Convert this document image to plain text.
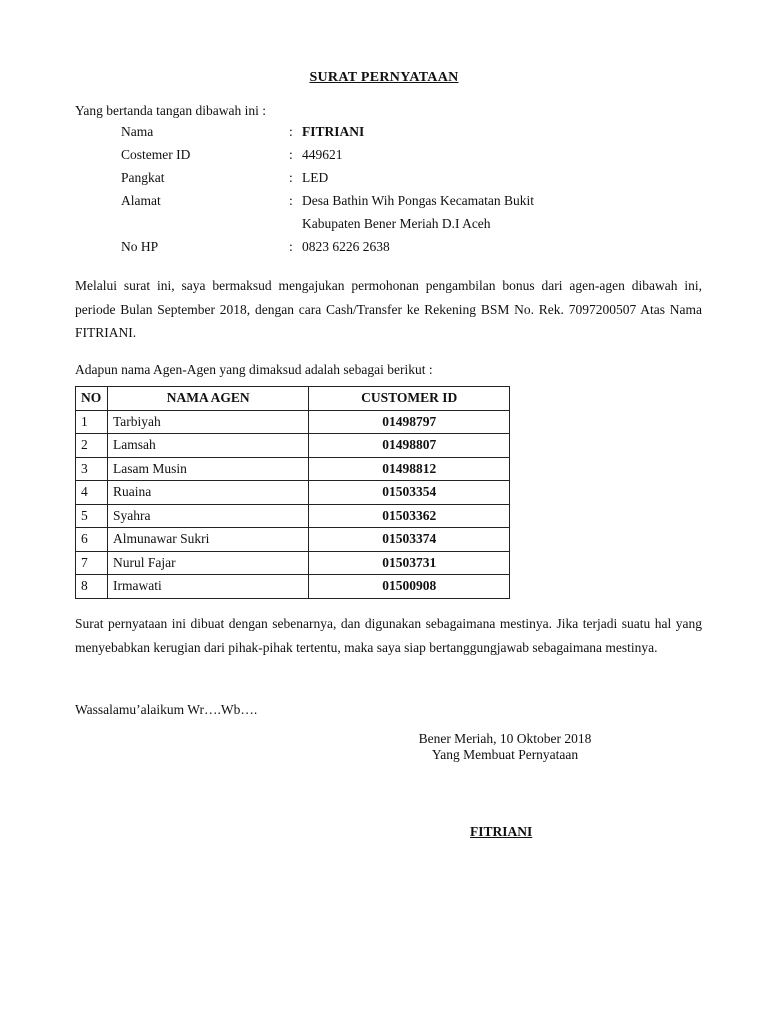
SURAT PERNYATAAN
Yang bertanda tangan dibawah ini :
Nama	: FITRIANI
Costemer ID	: 449621
Pangkat	: LED
Alamat	: Desa Bathin Wih Pongas Kecamatan Bukit
Kabupaten Bener Meriah D.I Aceh
No HP	: 0823 6226 2638
Melalui surat ini, saya bermaksud mengajukan permohonan pengambilan bonus dari agen-agen dibawah ini, periode Bulan September 2018, dengan cara Cash/Transfer ke Rekening BSM No. Rek. 7097200507 Atas Nama FITRIANI.
Adapun nama Agen-Agen yang dimaksud adalah sebagai berikut :
NO	NAMA AGEN	CUSTOMER ID
1	Tarbiyah	01498797
2	Lamsah	01498807
3	Lasam Musin	01498812
4	Ruaina	01503354
5	Syahra	01503362
6	Almunawar Sukri	01503374
7	Nurul Fajar	01503731
8	Irmawati	01500908
Surat pernyataan ini dibuat dengan sebenarnya, dan digunakan sebagaimana mestinya. Jika terjadi suatu hal yang menyebabkan kerugian dari pihak-pihak tertentu, maka saya siap bertanggungjawab sebagaimana mestinya.
Wassalamu’alaikum Wr….Wb….
Bener Meriah, 10 Oktober 2018
Yang Membuat Pernyataan
FITRIANI
